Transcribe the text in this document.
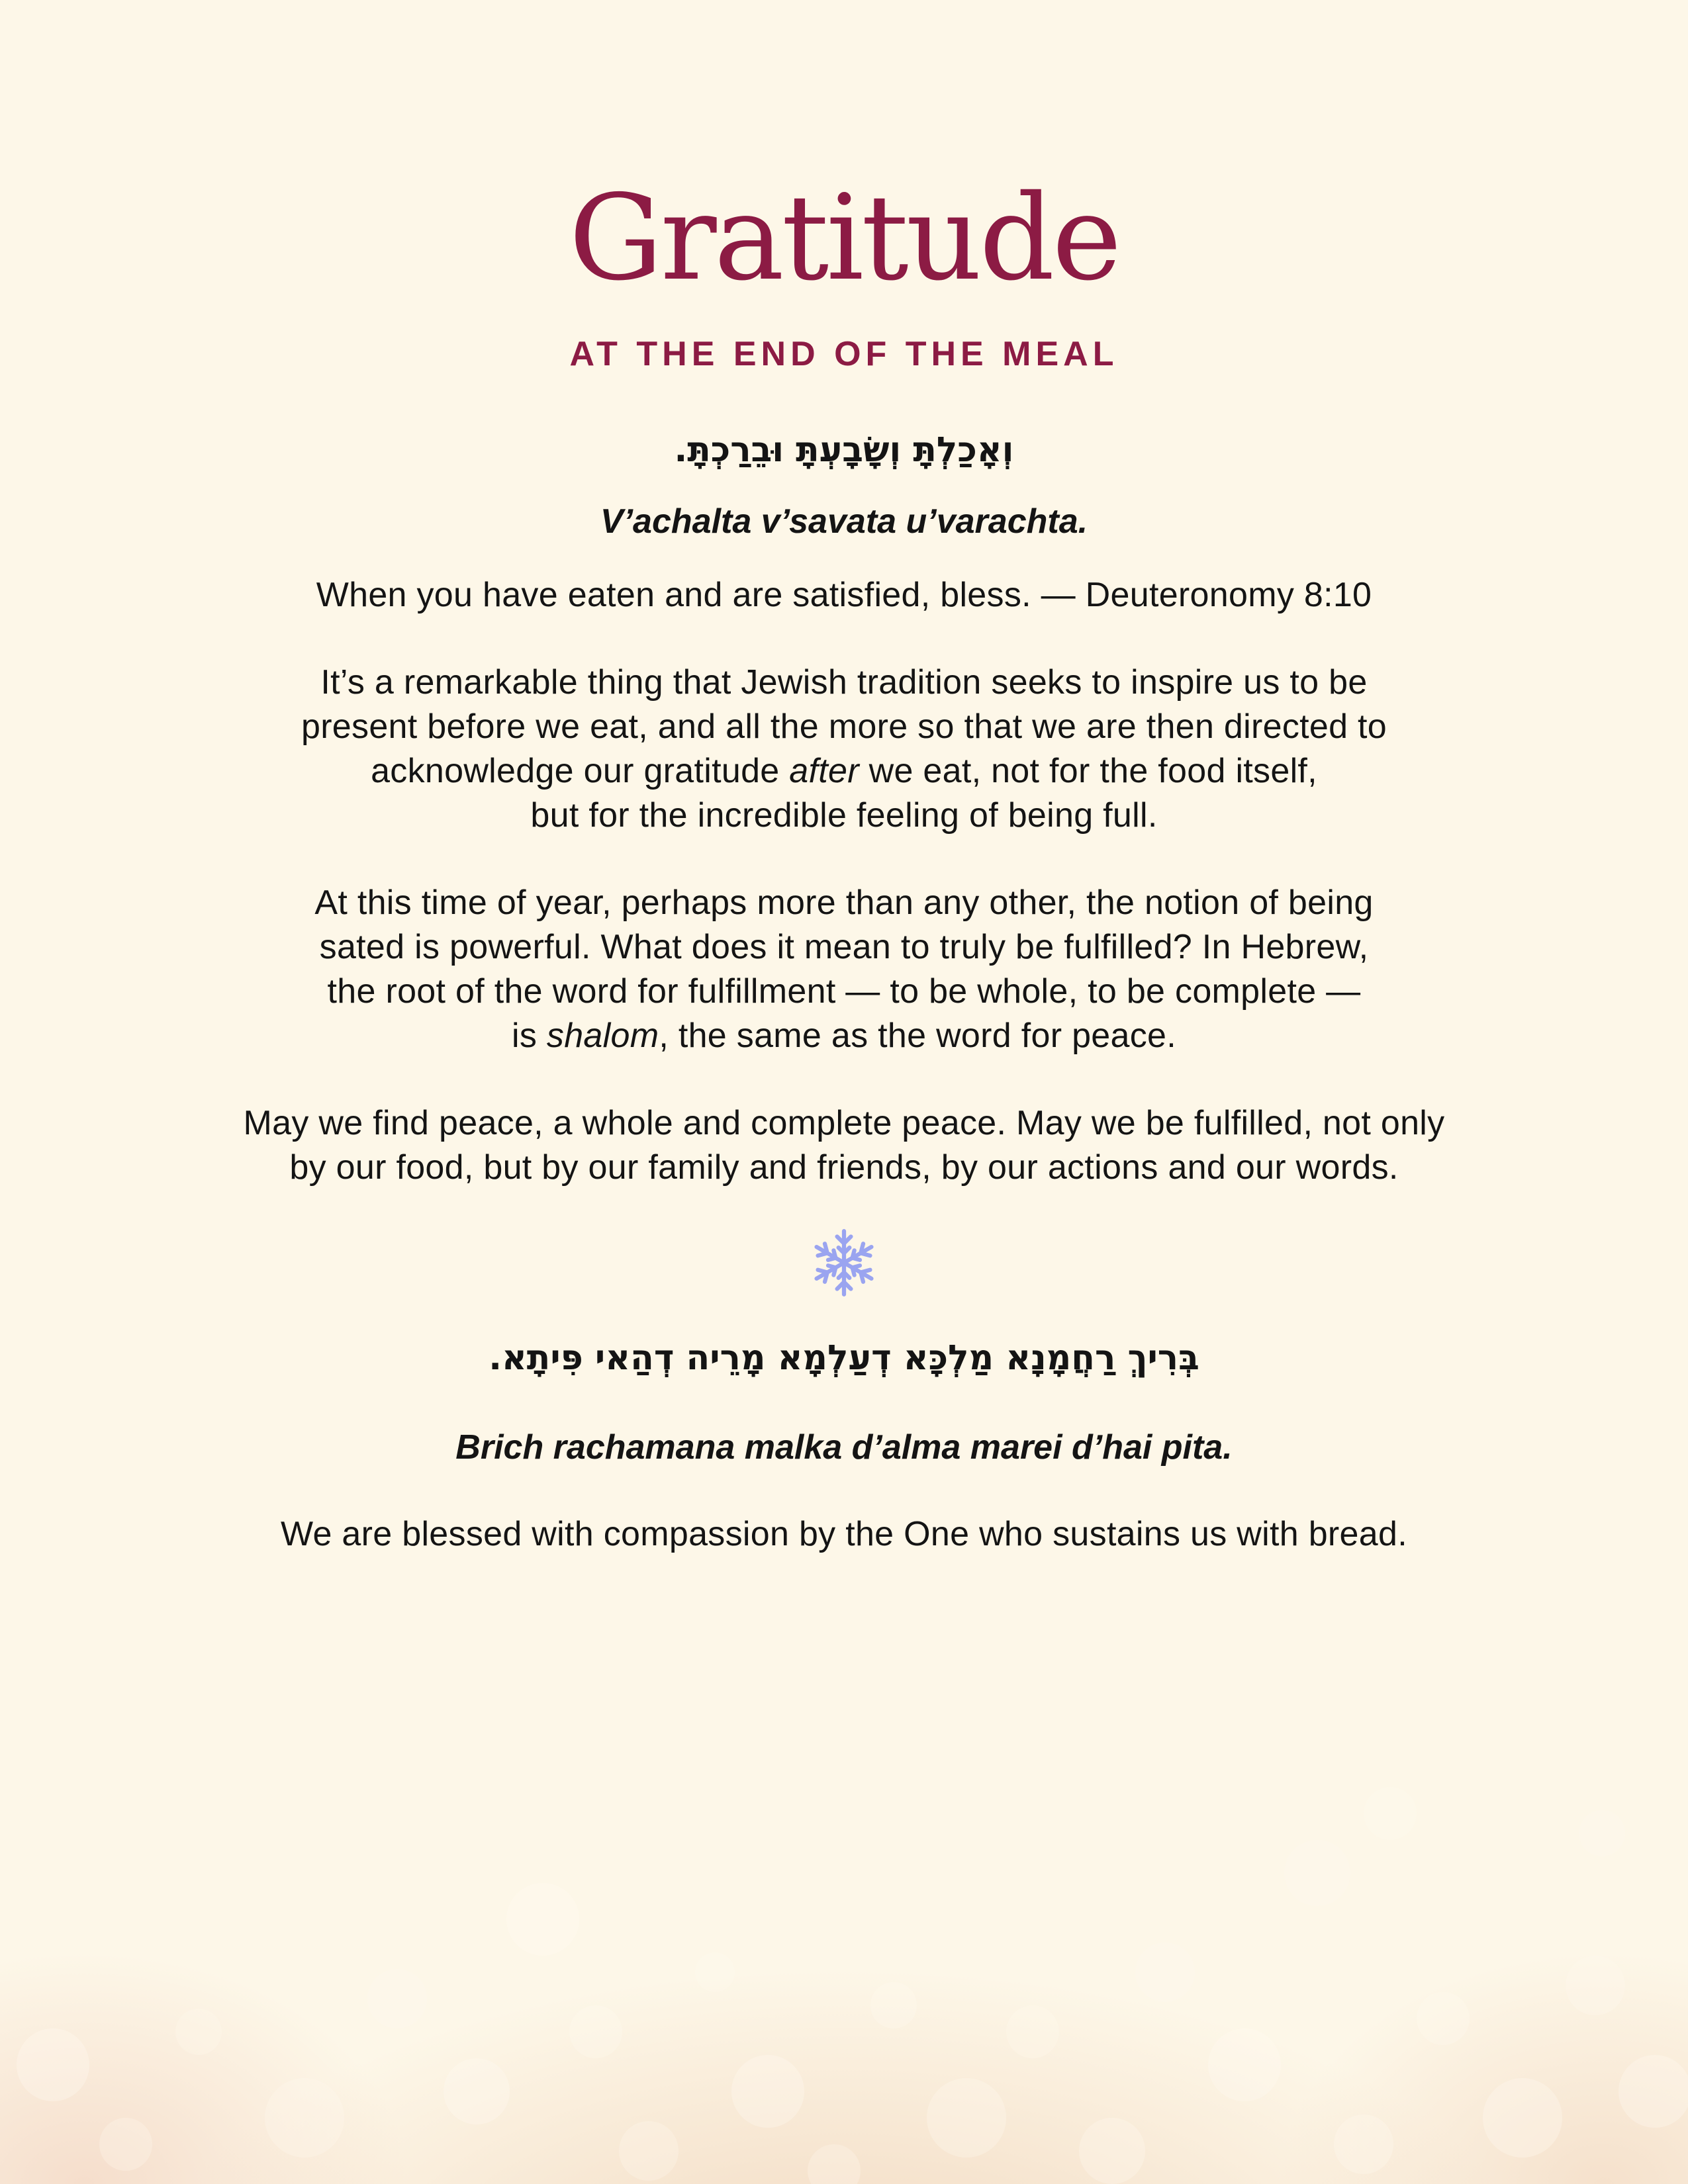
Gratitude
AT THE END OF THE MEAL
וְאָכַלְתָּ וְשָׂבָעְתָּ וּבֵרַכְתָּ.
V’achalta v’savata u’varachta.
When you have eaten and are satisfied, bless. — Deuteronomy 8:10
It’s a remarkable thing that Jewish tradition seeks to inspire us to be
present before we eat, and all the more so that we are then directed to
acknowledge our gratitude after we eat, not for the food itself,
but for the incredible feeling of being full.
At this time of year, perhaps more than any other, the notion of being
sated is powerful. What does it mean to truly be fulfilled? In Hebrew,
the root of the word for fulfillment — to be whole, to be complete —
is shalom, the same as the word for peace.
May we find peace, a whole and complete peace. May we be fulfilled, not only
by our food, but by our family and friends, by our actions and our words.
בְּרִיךְ רַחֲמָנָא מַלְכָּא דְעַלְמָא מָרֵיה דְהַאי פִּיתָא.
Brich rachamana malka d’alma marei d’hai pita.
We are blessed with compassion by the One who sustains us with bread.
